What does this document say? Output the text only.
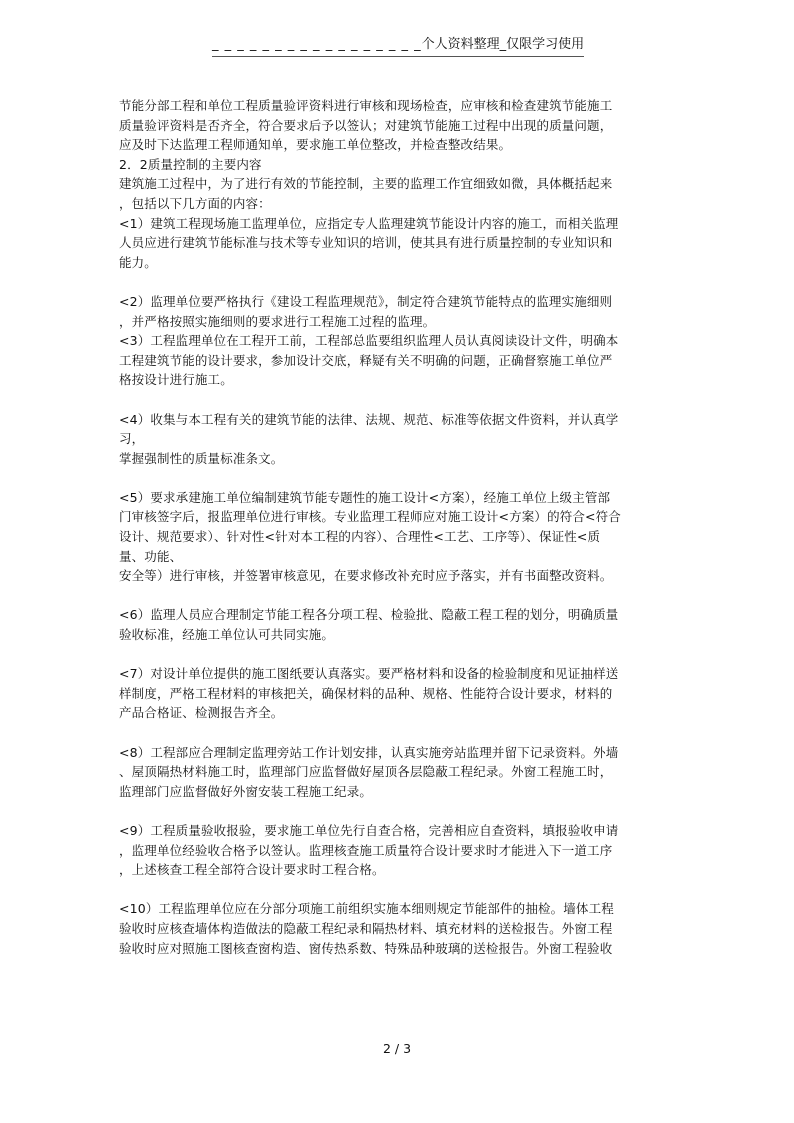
_ _ _ _ _ _ _ _ _ _ _ _ _ _ _ _ _个人资料整理_仅限学习使用

节能分部工程和单位工程质量验评资料进行审核和现场检查，应审核和检查建筑节能施工

质量验评资料是否齐全，符合要求后予以签认；对建筑节能施工过程中出现的质量问题，

应及时下达监理工程师通知单，要求施工单位整改，并检查整改结果。

2．2质量控制的主要内容

建筑施工过程中，为了进行有效的节能控制，主要的监理工作宜细致如微，具体概括起来

，包括以下几方面的内容：

<1）建筑工程现场施工监理单位，应指定专人监理建筑节能设计内容的施工，而相关监理

人员应进行建筑节能标准与技术等专业知识的培训，使其具有进行质量控制的专业知识和

能力。

<2）监理单位要严格执行《建设工程监理规范》，制定符合建筑节能特点的监理实施细则

，并严格按照实施细则的要求进行工程施工过程的监理。

<3）工程监理单位在工程开工前，工程部总监要组织监理人员认真阅读设计文件，明确本

工程建筑节能的设计要求，参加设计交底，释疑有关不明确的问题，正确督察施工单位严

格按设计进行施工。

<4）收集与本工程有关的建筑节能的法律、法规、规范、标准等依据文件资料，并认真学

习，

掌握强制性的质量标准条文。

<5）要求承建施工单位编制建筑节能专题性的施工设计<方案），经施工单位上级主管部

门审核签字后，报监理单位进行审核。专业监理工程师应对施工设计<方案）的符合<符合

设计、规范要求）、针对性<针对本工程的内容）、合理性<工艺、工序等）、保证性<质

量、功能、

安全等）进行审核，并签署审核意见，在要求修改补充时应予落实，并有书面整改资料。

<6）监理人员应合理制定节能工程各分项工程、检验批、隐蔽工程工程的划分，明确质量

验收标准，经施工单位认可共同实施。

<7）对设计单位提供的施工图纸要认真落实。要严格材料和设备的检验制度和见证抽样送

样制度，严格工程材料的审核把关，确保材料的品种、规格、性能符合设计要求，材料的

产品合格证、检测报告齐全。

<8）工程部应合理制定监理旁站工作计划安排，认真实施旁站监理并留下记录资料。外墙

、屋顶隔热材料施工时，监理部门应监督做好屋顶各层隐蔽工程纪录。外窗工程施工时，

监理部门应监督做好外窗安装工程施工纪录。

<9）工程质量验收报验，要求施工单位先行自查合格，完善相应自查资料，填报验收申请

，监理单位经验收合格予以签认。监理核查施工质量符合设计要求时才能进入下一道工序

，上述核查工程全部符合设计要求时工程合格。

<10）工程监理单位应在分部分项施工前组织实施本细则规定节能部件的抽检。墙体工程

验收时应核查墙体构造做法的隐蔽工程纪录和隔热材料、填充材料的送检报告。外窗工程

验收时应对照施工图核查窗构造、窗传热系数、特殊品种玻璃的送检报告。外窗工程验收

2 / 3
